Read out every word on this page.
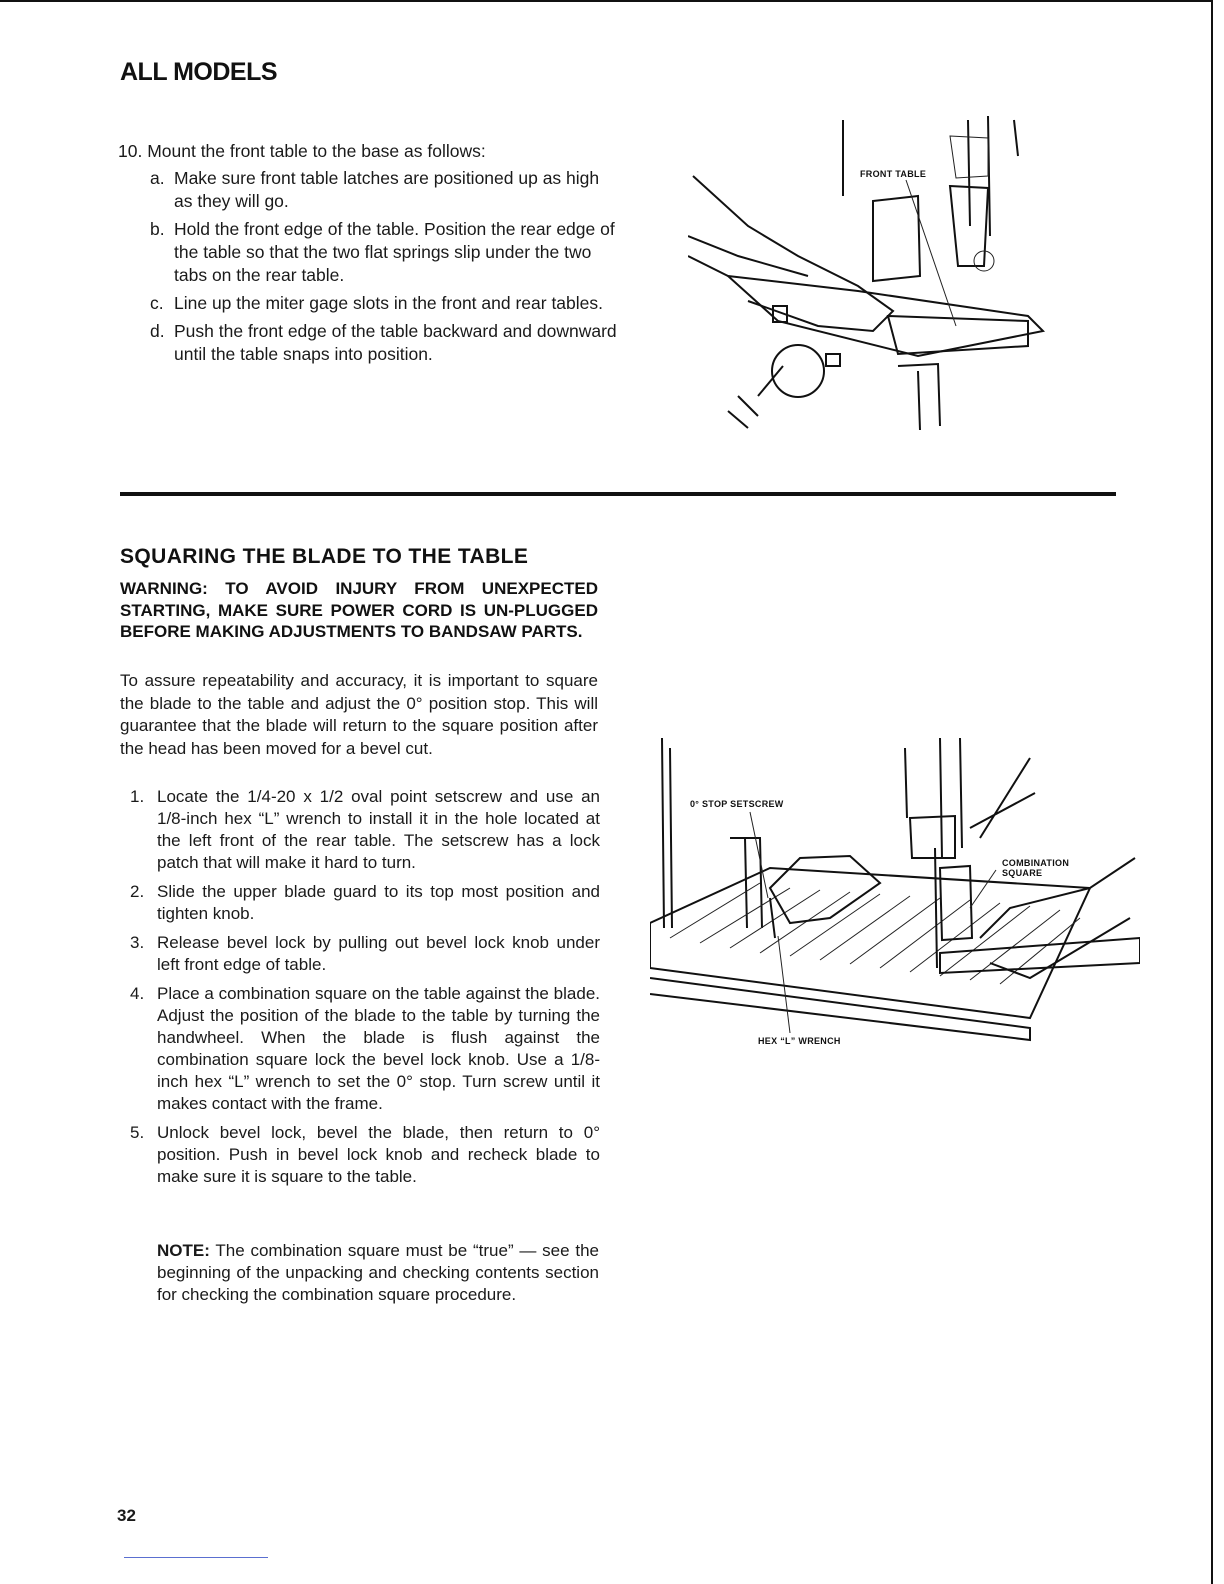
ALL MODELS
10. Mount the front table to the base as follows:
a. Make sure front table latches are positioned up as high as they will go.
b. Hold the front edge of the table. Position the rear edge of the table so that the two flat springs slip under the two tabs on the rear table.
c. Line up the miter gage slots in the front and rear tables.
d. Push the front edge of the table backward and downward until the table snaps into position.
FRONT TABLE
SQUARING THE BLADE TO THE TABLE
WARNING: TO AVOID INJURY FROM UNEXPECTED STARTING, MAKE SURE POWER CORD IS UN-PLUGGED BEFORE MAKING ADJUSTMENTS TO BANDSAW PARTS.
To assure repeatability and accuracy, it is important to square the blade to the table and adjust the 0° position stop. This will guarantee that the blade will return to the square position after the head has been moved for a bevel cut.
1. Locate the 1/4-20 x 1/2 oval point setscrew and use an 1/8-inch hex “L” wrench to install it in the hole located at the left front of the rear table. The setscrew has a lock patch that will make it hard to turn.
2. Slide the upper blade guard to its top most position and tighten knob.
3. Release bevel lock by pulling out bevel lock knob under left front edge of table.
4. Place a combination square on the table against the blade. Adjust the position of the blade to the table by turning the handwheel. When the blade is flush against the combination square lock the bevel lock knob. Use a 1/8-inch hex “L” wrench to set the 0° stop. Turn screw until it makes contact with the frame.
5. Unlock bevel lock, bevel the blade, then return to 0° position. Push in bevel lock knob and recheck blade to make sure it is square to the table.
NOTE: The combination square must be “true” — see the beginning of the unpacking and checking contents section for checking the combination square procedure.
0° STOP SETSCREW
COMBINATION
SQUARE
HEX “L” WRENCH
32
